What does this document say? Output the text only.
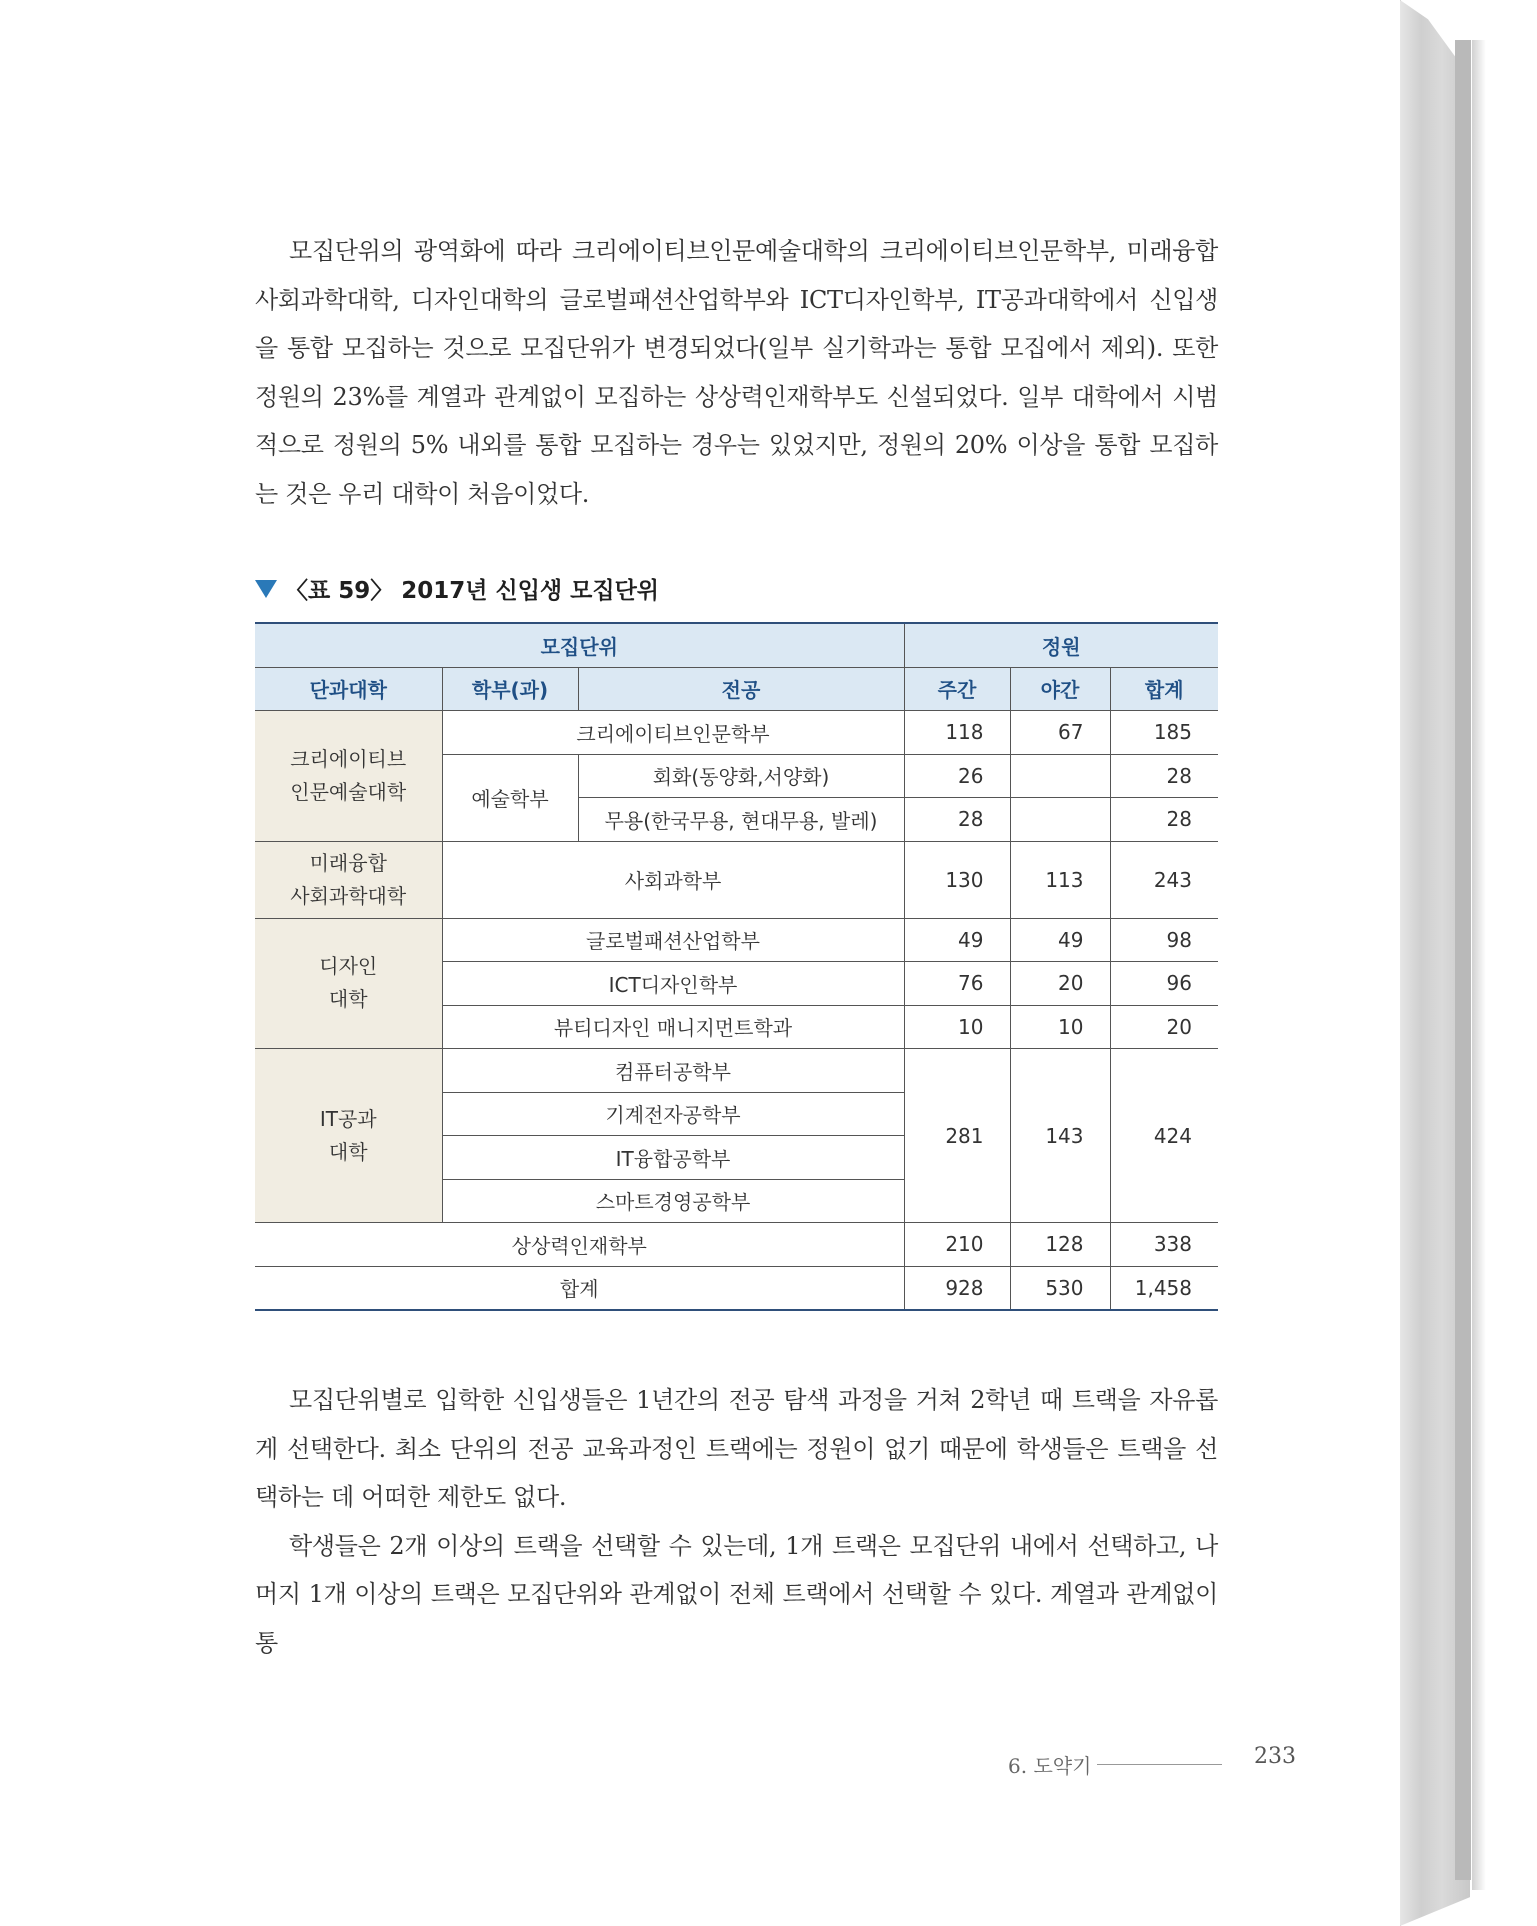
모집단위의 광역화에 따라 크리에이티브인문예술대학의 크리에이티브인문학부, 미래융합사회과학대학, 디자인대학의 글로벌패션산업학부와 ICT디자인학부, IT공과대학에서 신입생을 통합 모집하는 것으로 모집단위가 변경되었다(일부 실기학과는 통합 모집에서 제외). 또한 정원의 23%를 계열과 관계없이 모집하는 상상력인재학부도 신설되었다. 일부 대학에서 시범적으로 정원의 5% 내외를 통합 모집하는 경우는 있었지만, 정원의 20% 이상을 통합 모집하는 것은 우리 대학이 처음이었다.

〈표 59〉 2017년 신입생 모집단위
모집단위			정원		
단과대학	학부(과)	전공	주간	야간	합계
크리에이티브
인문예술대학	크리에이티브인문학부		118	67	185
	예술학부	회화(동양화,서양화)	26		28
		무용(한국무용, 현대무용, 발레)	28		28
미래융합
사회과학대학	사회과학부		130	113	243
디자인
대학	글로벌패션산업학부		49	49	98
	ICT디자인학부		76	20	96
	뷰티디자인 매니지먼트학과		10	10	20
IT공과
대학	컴퓨터공학부		281	143	424
	기계전자공학부				
	IT융합공학부				
	스마트경영공학부				
상상력인재학부			210	128	338
합계			928	530	1,458

모집단위별로 입학한 신입생들은 1년간의 전공 탐색 과정을 거쳐 2학년 때 트랙을 자유롭게 선택한다. 최소 단위의 전공 교육과정인 트랙에는 정원이 없기 때문에 학생들은 트랙을 선택하는 데 어떠한 제한도 없다.

학생들은 2개 이상의 트랙을 선택할 수 있는데, 1개 트랙은 모집단위 내에서 선택하고, 나머지 1개 이상의 트랙은 모집단위와 관계없이 전체 트랙에서 선택할 수 있다. 계열과 관계없이 통

6. 도약기	233
